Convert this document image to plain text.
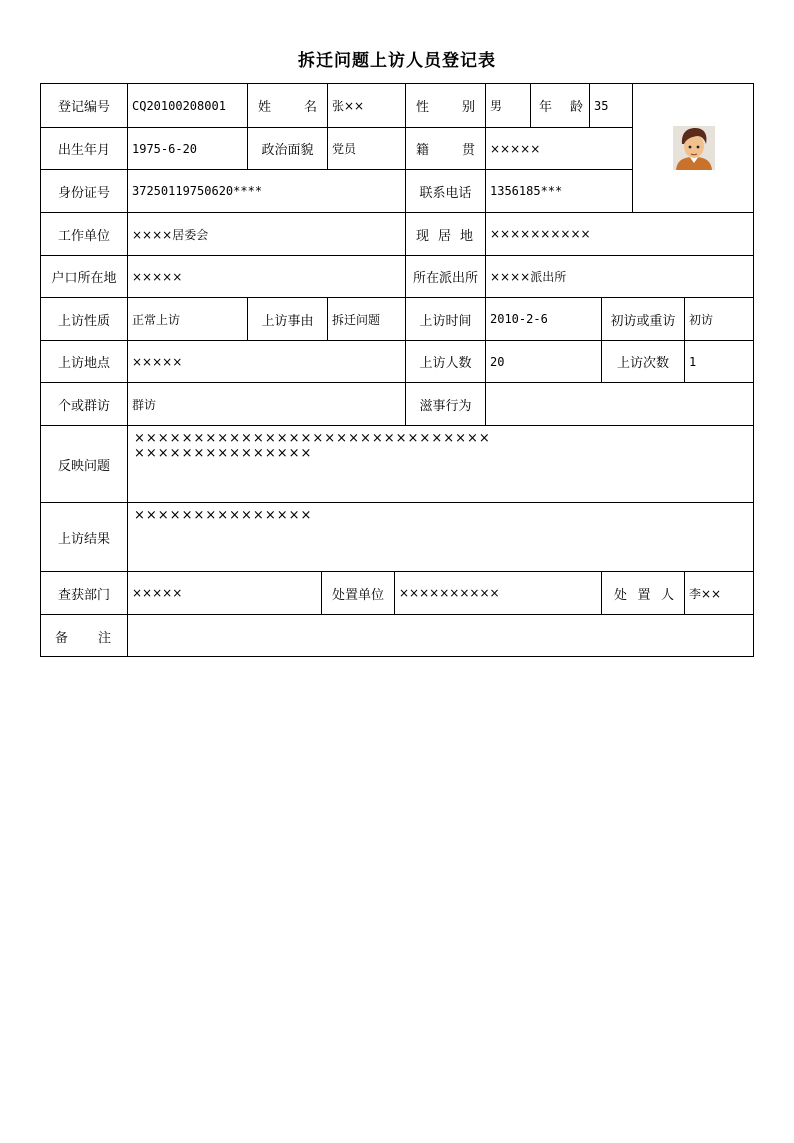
拆迁问题上访人员登记表
登记编号	CQ20100208001	姓	名	张××	性	别	男	年 龄 35
出生年月	1975-6-20	政治面貌	党员	籍	贯	×××××
身份证号	37250119750620****	联系电话	1356185***
工作单位	××××居委会	现 居 地	××××××××××
户口所在地	×××××	所在派出所	××××派出所
上访性质	正常上访	上访事由	拆迁问题	上访时间	2010-2-6	初访或重访	初访
上访地点	×××××	上访人数	20	上访次数	1
个或群访	群访	滋事行为
反映问题
××××××××××××××××××××××××××××××
×××××××××××××××
上访结果
×××××××××××××××
查获部门	×××××	处置单位	××××××××××	处 置 人	李××
备 注
